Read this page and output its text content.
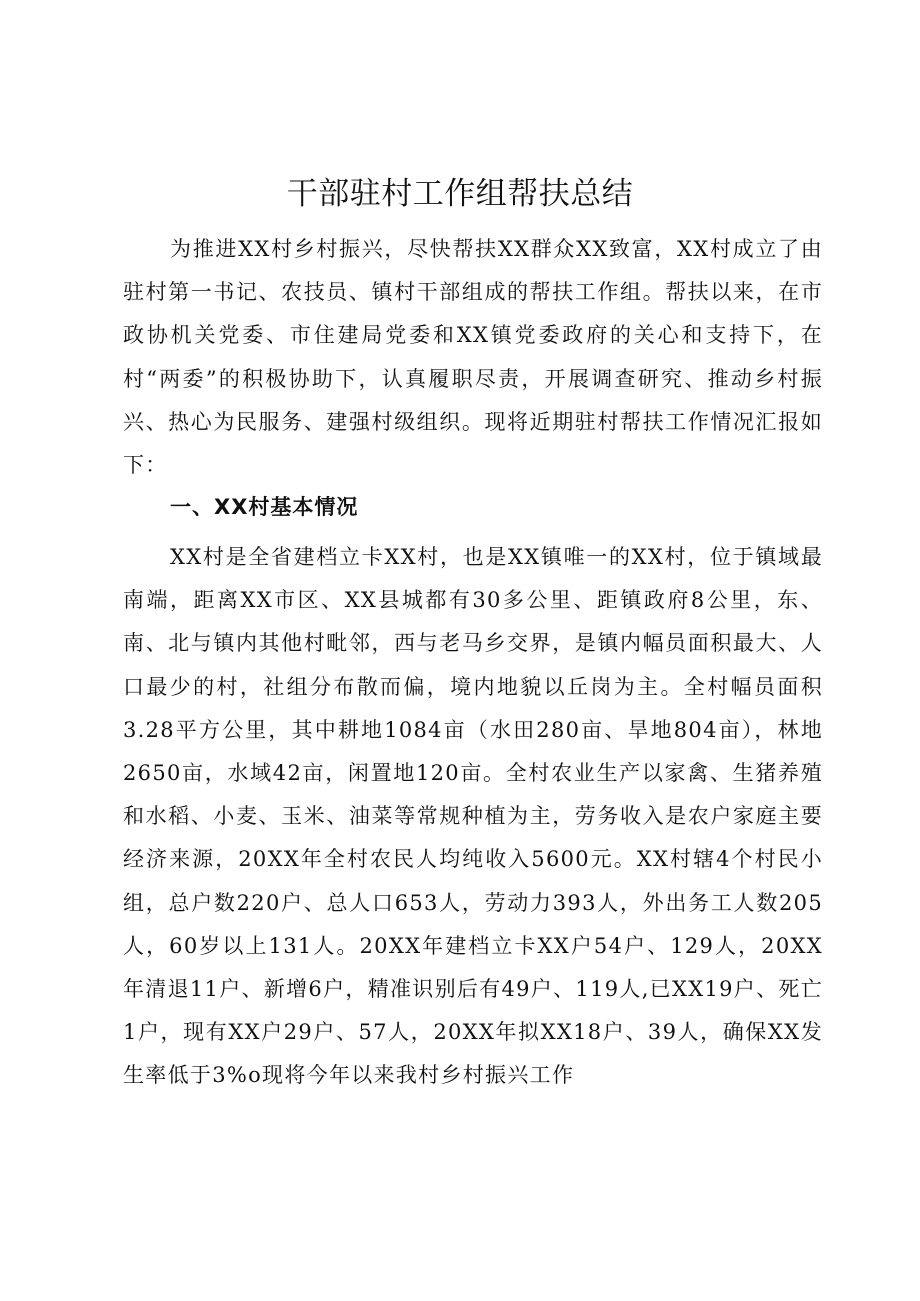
干部驻村工作组帮扶总结

为推进XX村乡村振兴，尽快帮扶XX群众XX致富，XX村成立了由驻村第一书记、农技员、镇村干部组成的帮扶工作组。帮扶以来，在市政协机关党委、市住建局党委和XX镇党委政府的关心和支持下，在村“两委”的积极协助下，认真履职尽责，开展调查研究、推动乡村振兴、热心为民服务、建强村级组织。现将近期驻村帮扶工作情况汇报如下：

一、XX村基本情况

XX村是全省建档立卡XX村，也是XX镇唯一的XX村，位于镇域最南端，距离XX市区、XX县城都有30多公里、距镇政府8公里，东、南、北与镇内其他村毗邻，西与老马乡交界，是镇内幅员面积最大、人口最少的村，社组分布散而偏，境内地貌以丘岗为主。全村幅员面积3.28平方公里，其中耕地1084亩（水田280亩、旱地804亩），林地2650亩，水域42亩，闲置地120亩。全村农业生产以家禽、生猪养殖和水稻、小麦、玉米、油菜等常规种植为主，劳务收入是农户家庭主要经济来源，20XX年全村农民人均纯收入5600元。XX村辖4个村民小组，总户数220户、总人口653人，劳动力393人，外出务工人数205人，60岁以上131人。20XX年建档立卡XX户54户、129人，20XX年清退11户、新增6户，精准识别后有49户、119人,已XX19户、死亡1户，现有XX户29户、57人，20XX年拟XX18户、39人，确保XX发生率低于3%o现将今年以来我村乡村振兴工作
